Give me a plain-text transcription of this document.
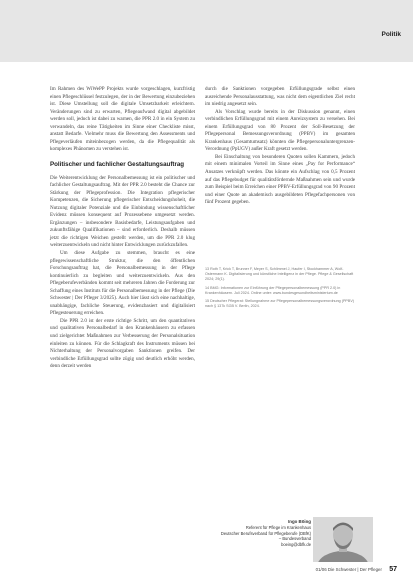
Politik

Im Rahmen des WiWePP Projekts wurde vorgeschlagen, kurzfristig einen Pflegeschlüssel festzulegen, der in der Bewertung einzubeziehen ist. Diese Umstellung soll die digitale Umsetzbarkeit erleichtern. Veränderungen sind zu erwarten, Pflegeaufwand digital abgebildet werden soll, jedoch ist dabei zu warnen, die PPR 2.0 in ein System zu verwandeln, das reine Tätigkeiten im Sinne einer Checkliste misst, anstatt Bedarfe. Vielmehr muss die Bewertung den Assessments und Pflegeverläufen miteinbezogen werden, da die Pflegequalität als komplexes Phänomen zu verstehen ist.

Politischer und fachlicher Gestaltungsauftrag

Die Weiterentwicklung der Personalbemessung ist ein politischer und fachlicher Gestaltungsauftrag. Mit der PPR 2.0 besteht die Chance zur Stärkung der Pflegeprofession. Die Integration pflegerischer Kompetenzen, die Sicherung pflegerischer Entscheidungshoheit, die Nutzung digitaler Potenziale und die Einbindung wissenschaftlicher Evidenz müssen konsequent auf Prozessebene umgesetzt werden. Ergänzungen – insbesondere Basisbedarfe, Leistungsaufgaben und zukunftsfähige Qualifikationen – sind erforderlich. Deshalb müssen jetzt die richtigen Weichen gestellt werden, um die PPR 2.0 klug weiterzuentwickeln und nicht hinter Entwicklungen zurückzufallen.

Um diese Aufgabe zu stemmen, braucht es eine pflegewissenschaftliche Struktur, die den öffentlichen Forschungsauftrag hat, die Personalbemessung in der Pflege kontinuierlich zu begleiten und weiterzuentwickeln. Aus den Pflegeberufeverbänden kommt seit mehreren Jahren die Forderung zur Schaffung eines Instituts für die Personalbemessung in der Pflege (Die Schwester | Der Pfleger 3/2025). Auch hier lässt sich eine nachhaltige, unabhängige, fachliche Steuerung, evidenzbasiert und digitalisiert Pflegesteuerung erreichen.

Die PPR 2.0 ist der erste richtige Schritt, um den quantitativen und qualitativen Personalbedarf in den Krankenhäusern zu erfassen und zielgerichtet Maßnahmen zur Verbesserung der Personalsituation einleiten zu können. Für die Schlagkraft des Instruments müssen bei Nichterhaltung der Personalvorgaben Sanktionen greifen. Der verbindliche Erfüllungsgrad sollte zügig und deutlich erhöht werden, denn derzeit werden

durch die Sanktionen vorgegeben Erfüllungsgrade selbst einen ausreichende Personalausstattung, was nicht dem eigentlichen Ziel recht im niedrig angesetzt sein.

Als Vorschlag wurde bereits in der Diskussion genannt, einen verbindlichen Erfüllungsgrad mit einem Anreizsystem zu versehen. Bei einem Erfüllungsgrad von 80 Prozent der Soll-Besetzung der Pflegepersonal Bemessungsverordnung (PPBV) im gesamten Krankenhaus (Gesamtumsatz) könnten die Pflegepersonaluntergrenzen-Verordnung (PpUGV) außer Kraft gesetzt werden.

Bei Einschaltung von besonderen Quoten sollen Kammern, jedoch mit einem minimalen Vorteil im Sinne eines „Pay for Performance“ Ansatzes verknüpft werden. Das könnte ein Aufschlag von 0,5 Prozent auf das Pflegebudget für qualitätsfördernde Maßnahmen sein und wurde zum Beispiel beim Erreichen einer PPBV-Erfüllungsgrad von 90 Prozent und einer Quote an akademisch ausgebildeten Pflegefachpersonen von fünf Prozent gegeben.

13 Roth T, Krick T, Brunner F, Meyer S, Schlimmel J, Haufer I, Stockhammer A, Wolf-Ostermann K. Digitalisierung und künstliche Intelligenz in der Pflege. Pflege & Gesellschaft 2024; 29(1).

14 BMG: Informationen zur Einführung der Pflegepersonalbemessung (PPR 2.0) in Krankenhäusern. Juli 2024. Online unter: www.bundesgesundheitsministerium.de

15 Deutscher Pflegerat: Stellungnahme zur Pflegepersonalbemessungsverordnung (PPBV) nach § 137k SGB V. Berlin, 2024.

Ingo Böing
Referent für Pflege im Krankenhaus
Deutscher Berufsverband für Pflegeberufe (DBfK)
– Bundesverband
boeing@dbfk.de
01/06 Die Schwester | Der Pfleger 57
